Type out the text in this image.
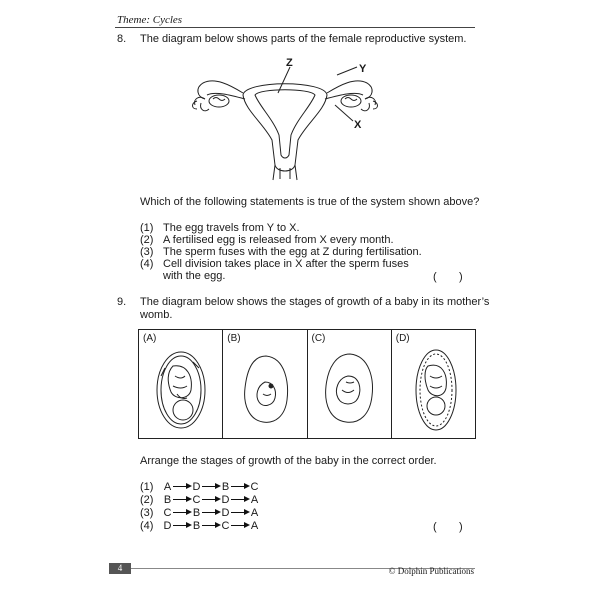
Theme: Cycles
8. The diagram below shows parts of the female reproductive system.
Z	Y
X
Which of the following statements is true of the system shown above?
(1) The egg travels from Y to X.
(2) A fertilised egg is released from X every month.
(3) The sperm fuses with the egg at Z during fertilisation.
(4) Cell division takes place in X after the sperm fuses
with the egg.	( )
9. The diagram below shows the stages of growth of a baby in its mother’s
womb.
(A)	(B)	(C)	(D)
Arrange the stages of growth of the baby in the correct order.
(1) A D B C
(2) B C D A
(3) C B D A
(4) D B C A	( )
4	© Dolphin Publications
